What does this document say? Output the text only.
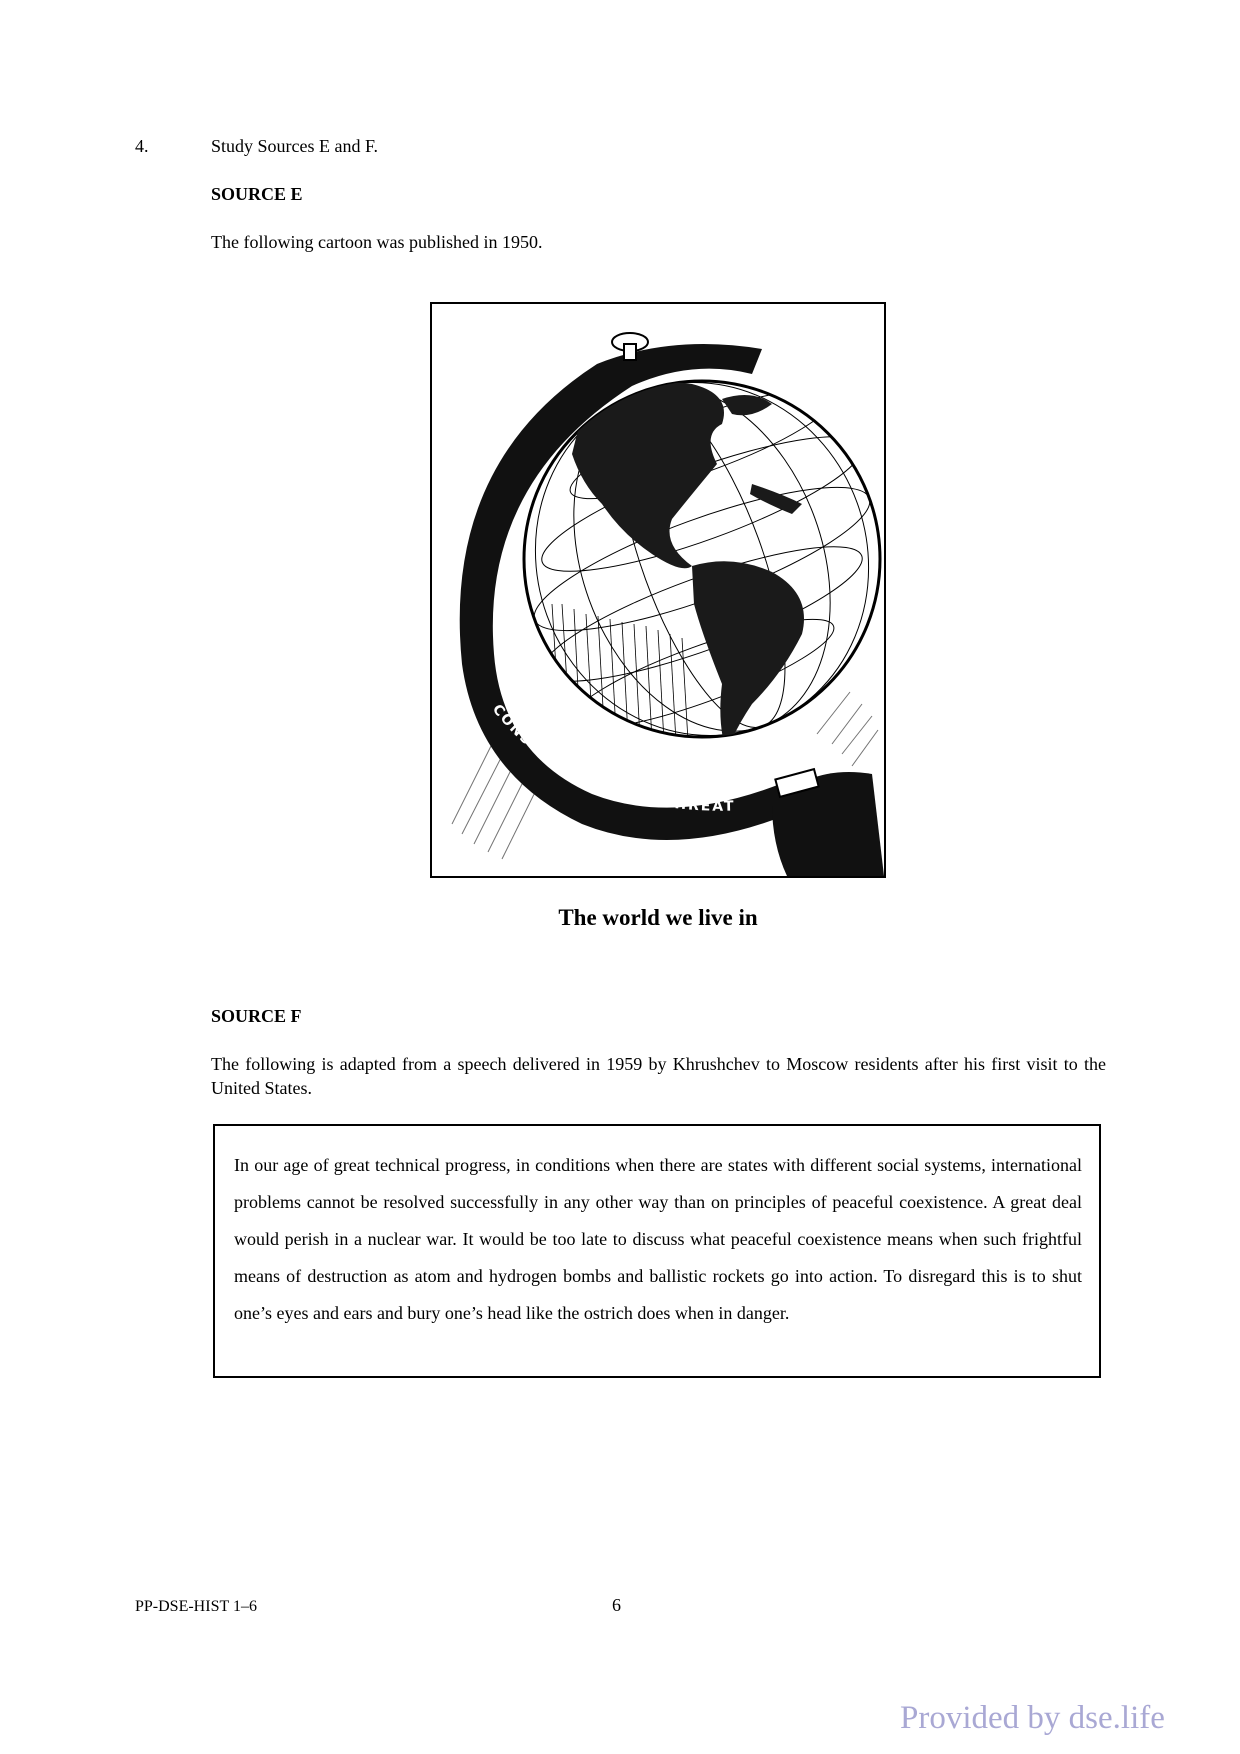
4.	Study Sources E and F.
SOURCE E
The following cartoon was published in 1950.
CONSTANT RED WAR THREAT
The world we live in
SOURCE F
The following is adapted from a speech delivered in 1959 by Khrushchev to Moscow residents after his first visit to the United States.
In our age of great technical progress, in conditions when there are states with different social systems, international problems cannot be resolved successfully in any other way than on principles of peaceful coexistence. A great deal would perish in a nuclear war. It would be too late to discuss what peaceful coexistence means when such frightful means of destruction as atom and hydrogen bombs and ballistic rockets go into action. To disregard this is to shut one’s eyes and ears and bury one’s head like the ostrich does when in danger.
PP-DSE-HIST 1–6	6
Provided by dse.life
